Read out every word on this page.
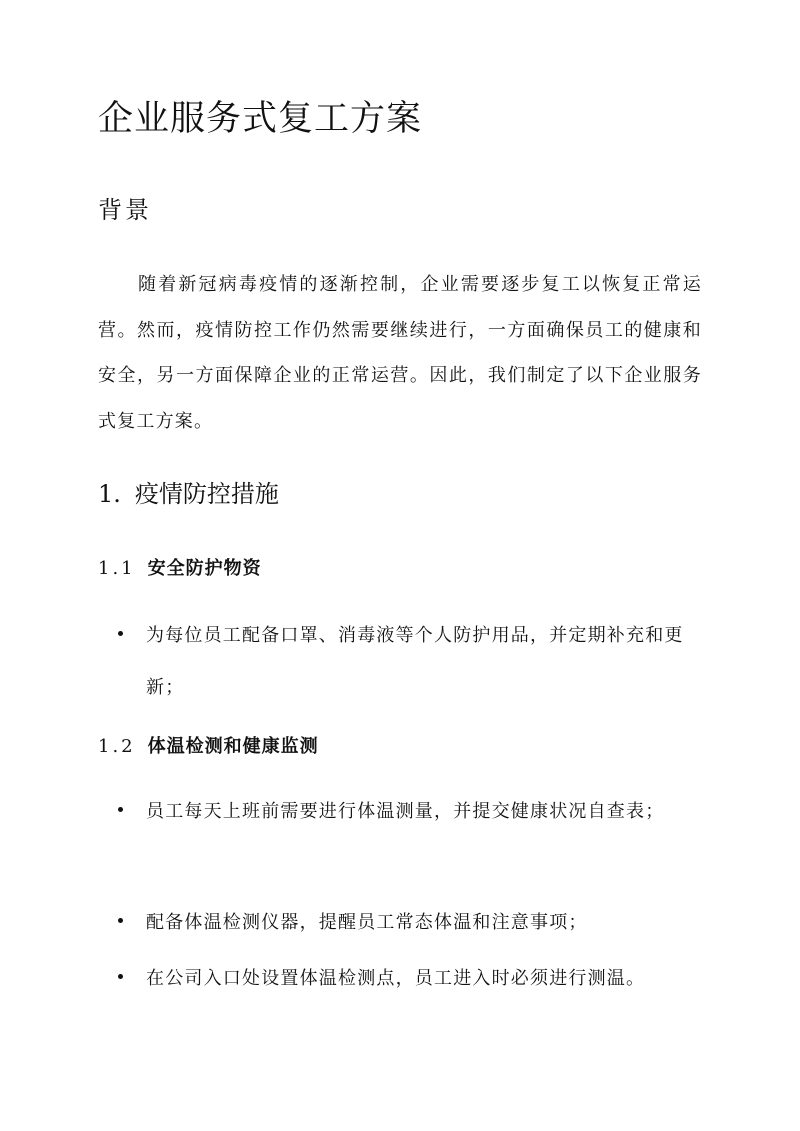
企业服务式复工方案
背景

随着新冠病毒疫情的逐渐控制，企业需要逐步复工以恢复正常运营。然而，疫情防控工作仍然需要继续进行，一方面确保员工的健康和安全，另一方面保障企业的正常运营。因此，我们制定了以下企业服务式复工方案。

1. 疫情防控措施
1.1 安全防护物资
为每位员工配备口罩、消毒液等个人防护用品，并定期补充和更新；
1.2 体温检测和健康监测
员工每天上班前需要进行体温测量，并提交健康状况自查表；
配备体温检测仪器，提醒员工常态体温和注意事项；
在公司入口处设置体温检测点，员工进入时必须进行测温。
